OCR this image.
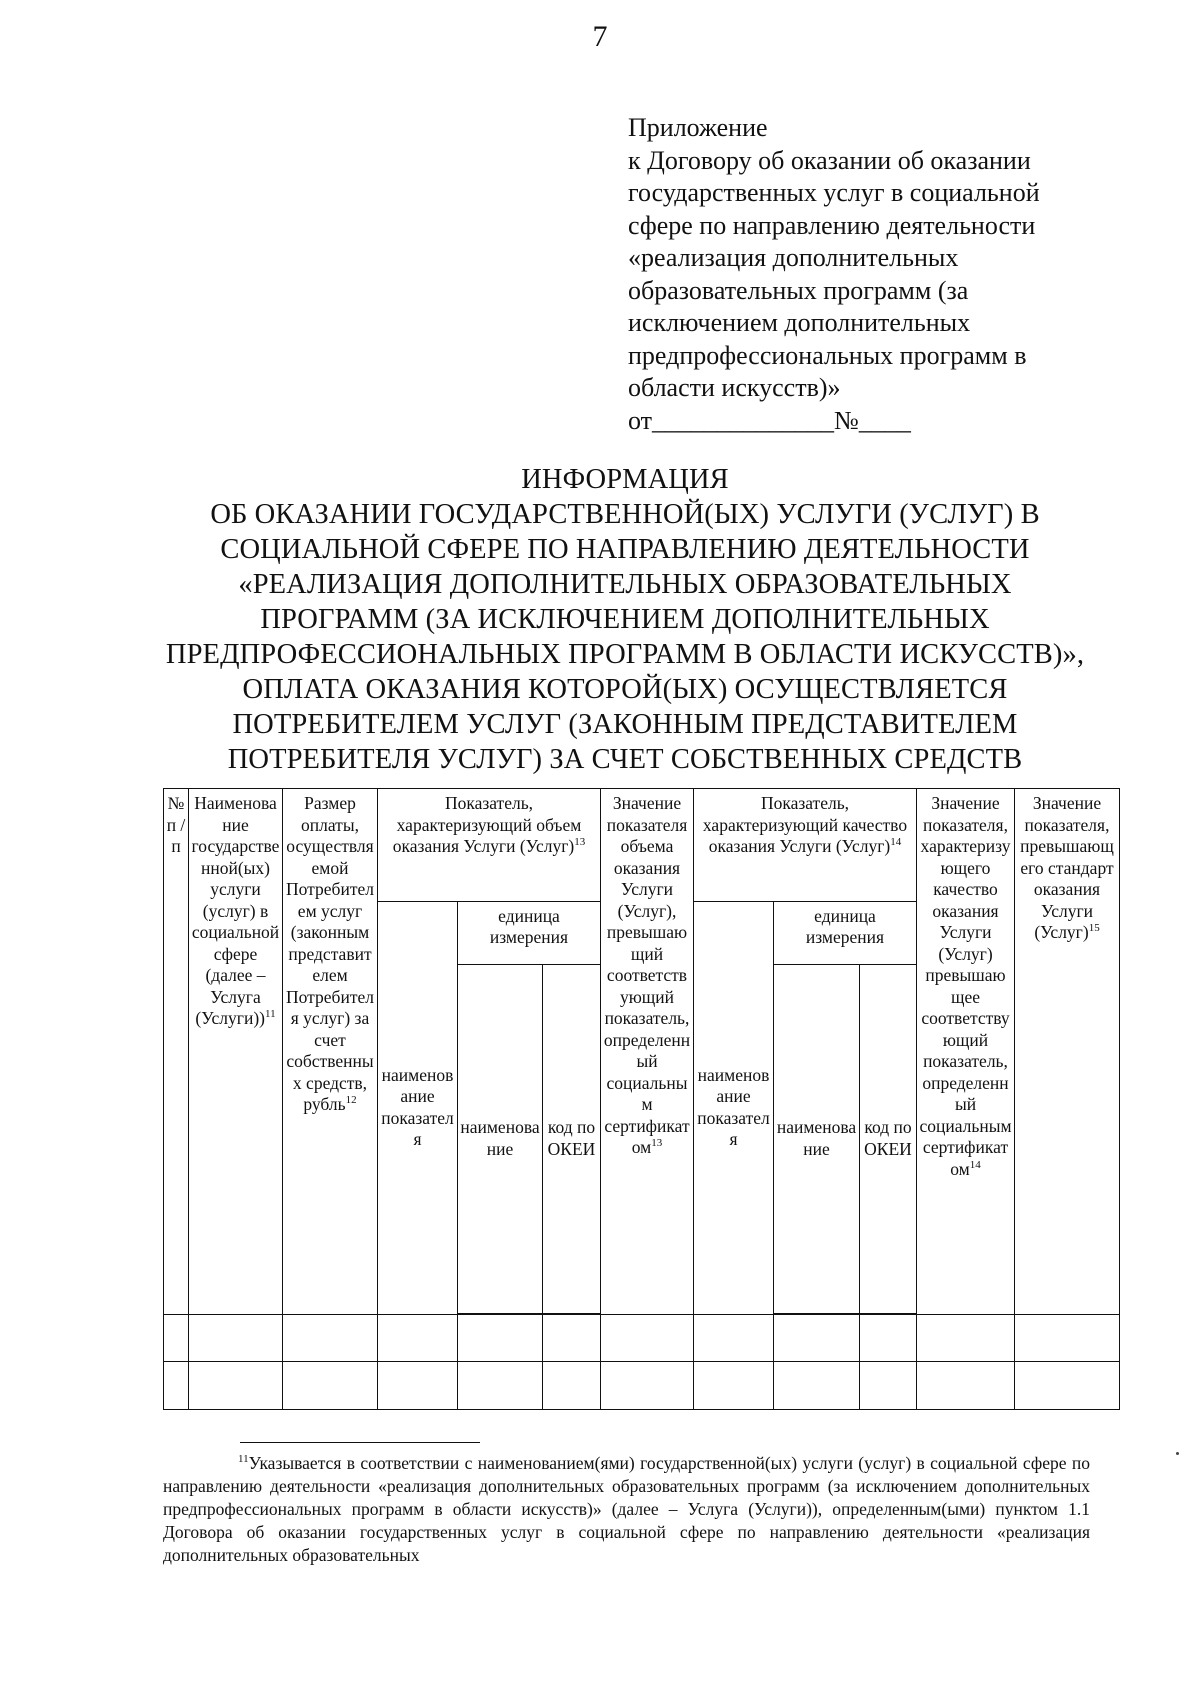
7
Приложение
к Договору об оказании об оказании
государственных услуг в социальной
сфере по направлению деятельности
«реализация дополнительных
образовательных программ (за
исключением дополнительных
предпрофессиональных программ в
области искусств)»
от______________№____
ИНФОРМАЦИЯ
ОБ ОКАЗАНИИ ГОСУДАРСТВЕННОЙ(ЫХ) УСЛУГИ (УСЛУГ) В
СОЦИАЛЬНОЙ СФЕРЕ ПО НАПРАВЛЕНИЮ ДЕЯТЕЛЬНОСТИ
«РЕАЛИЗАЦИЯ ДОПОЛНИТЕЛЬНЫХ ОБРАЗОВАТЕЛЬНЫХ
ПРОГРАММ (ЗА ИСКЛЮЧЕНИЕМ ДОПОЛНИТЕЛЬНЫХ
ПРЕДПРОФЕССИОНАЛЬНЫХ ПРОГРАММ В ОБЛАСТИ ИСКУССТВ)»,
ОПЛАТА ОКАЗАНИЯ КОТОРОЙ(ЫХ) ОСУЩЕСТВЛЯЕТСЯ
ПОТРЕБИТЕЛЕМ УСЛУГ (ЗАКОННЫМ ПРЕДСТАВИТЕЛЕМ
ПОТРЕБИТЕЛЯ УСЛУГ) ЗА СЧЕТ СОБСТВЕННЫХ СРЕДСТВ
№ п / п	Наименование государственной(ых) услуги (услуг) в социальной сфере (далее – Услуга (Услуги))$^{11}$	Размер оплаты, осуществляемой Потребителем услуг (законным представителем Потребителя услуг) за счет собственных средств, рубль$^{12}$	Показатель, характеризующий объем оказания Услуги (Услуг)$^{13}$			Значение показателя объема оказания Услуги (Услуг), превышающий соответствующий показатель, определенный социальным сертификатом$^{13}$	Показатель, характеризующий качество оказания Услуги (Услуг)$^{14}$			Значение показателя, характеризующего качество оказания Услуги (Услуг) превышающее соответствующий показатель, определенный социальным сертификатом$^{14}$	Значение показателя, превышающего стандарт оказания Услуги (Услуг)$^{15}$
			наименование показателя	единица измерения			наименование показателя	единица измерения			
				наименование	код по ОКЕИ			наименование	код по ОКЕИ		

$^{11}$Указывается в соответствии с наименованием(ями) государственной(ых) услуги (услуг) в социальной сфере по направлению деятельности «реализация дополнительных образовательных программ (за исключением дополнительных предпрофессиональных программ в области искусств)» (далее – Услуга (Услуги)), определенным(ыми) пунктом 1.1 Договора об оказании государственных услуг в социальной сфере по направлению деятельности «реализация дополнительных образовательных
